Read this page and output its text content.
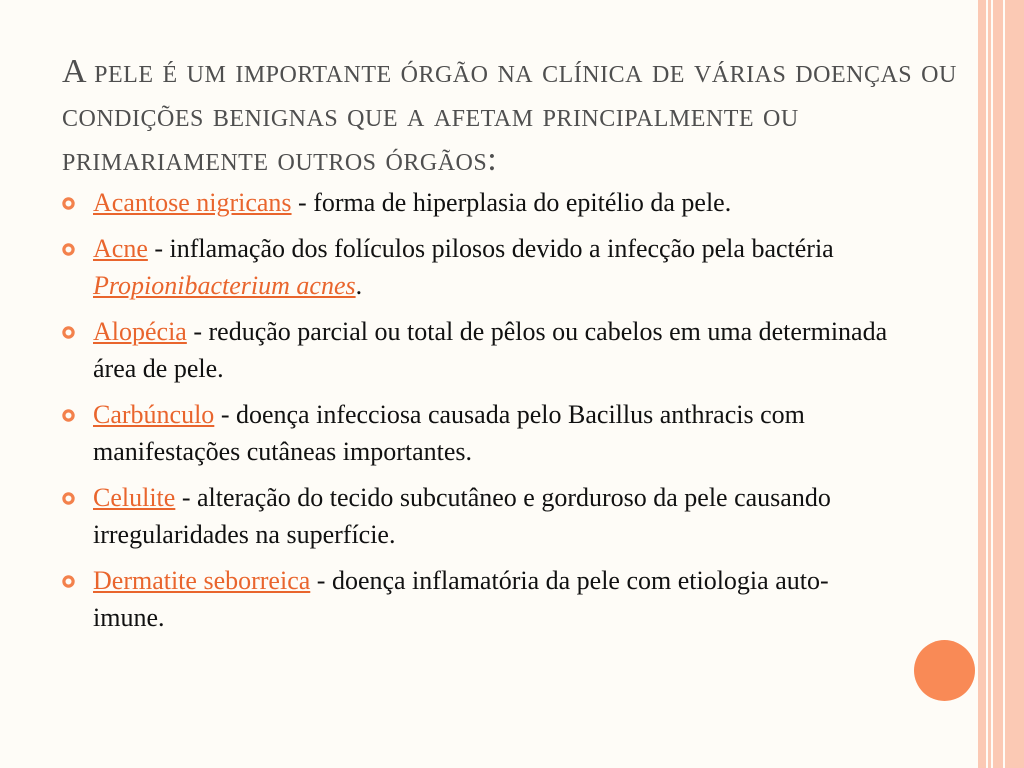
A pele é um importante órgão na clínica de várias doenças ou condições benignas que a afetam principalmente ou primariamente outros órgãos:
Acantose nigricans - forma de hiperplasia do epitélio da pele.
Acne - inflamação dos folículos pilosos devido a infecção pela bactéria Propionibacterium acnes.
Alopécia - redução parcial ou total de pêlos ou cabelos em uma determinada área de pele.
Carbúnculo - doença infecciosa causada pelo Bacillus anthracis com manifestações cutâneas importantes.
Celulite - alteração do tecido subcutâneo e gorduroso da pele causando irregularidades na superfície.
Dermatite seborreica - doença inflamatória da pele com etiologia auto-imune.
